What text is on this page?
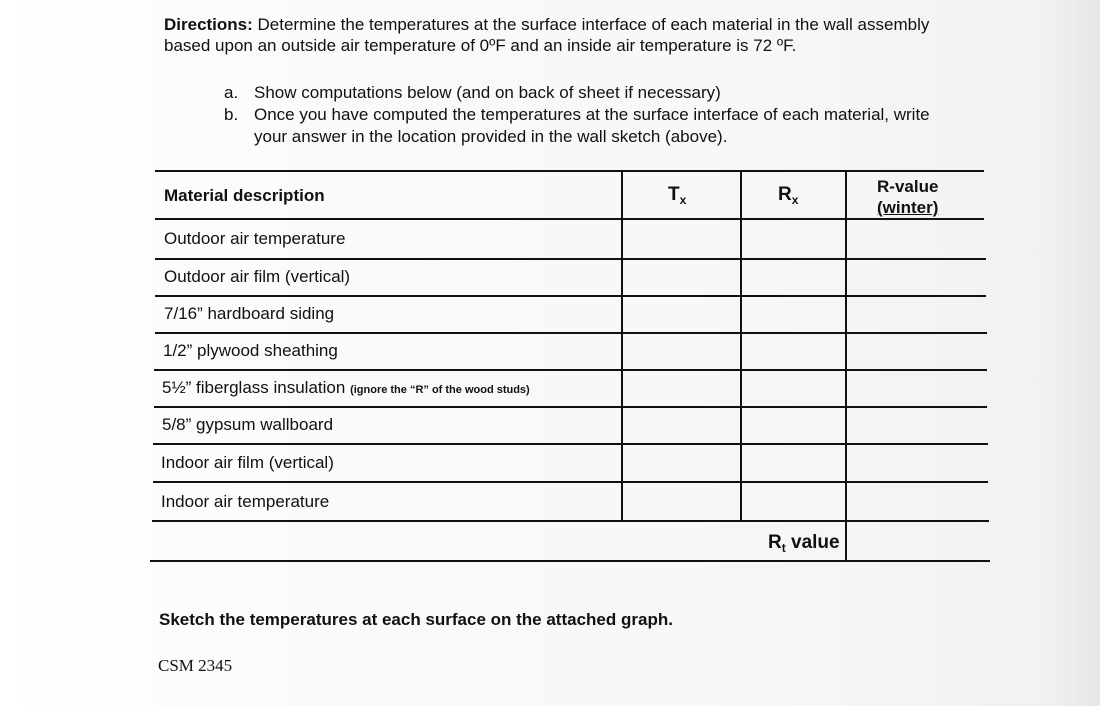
Directions: Determine the temperatures at the surface interface of each material in the wall assembly based upon an outside air temperature of 0ºF and an inside air temperature is 72 ºF.
a. Show computations below (and on back of sheet if necessary)
b. Once you have computed the temperatures at the surface interface of each material, write your answer in the location provided in the wall sketch (above).
Material description	$T_x$	$R_x$
R-value
(winter)
Outdoor air temperature
Outdoor air film (vertical)
7/16” hardboard siding
1/2” plywood sheathing
5½” fiberglass insulation (ignore the “R” of the wood studs)
5/8” gypsum wallboard
Indoor air film (vertical)
Indoor air temperature
$R_t$ value
Sketch the temperatures at each surface on the attached graph.
CSM 2345
